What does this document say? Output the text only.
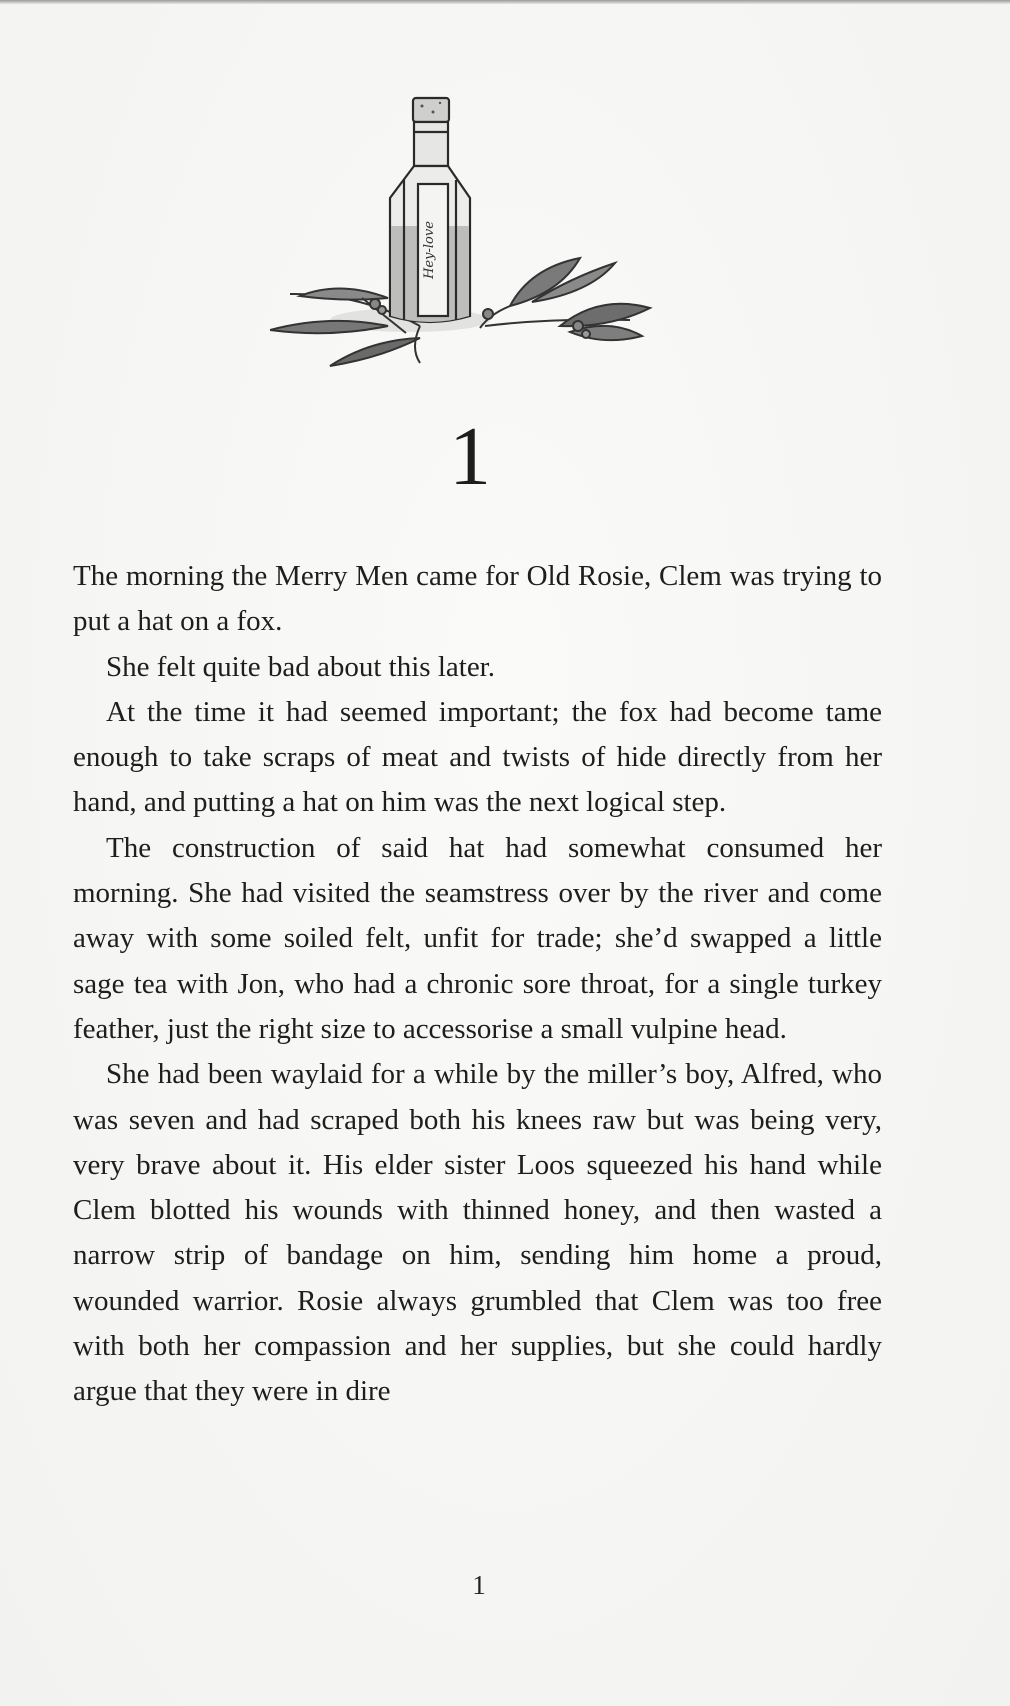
Hey-love
1

The morning the Merry Men came for Old Rosie, Clem was trying to put a hat on a fox.

She felt quite bad about this later.

At the time it had seemed important; the fox had become tame enough to take scraps of meat and twists of hide directly from her hand, and putting a hat on him was the next logical step.

The construction of said hat had somewhat consumed her morning. She had visited the seamstress over by the river and come away with some soiled felt, unfit for trade; she’d swapped a little sage tea with Jon, who had a chronic sore throat, for a single turkey feather, just the right size to accessorise a small vulpine head.

She had been waylaid for a while by the miller’s boy, Alfred, who was seven and had scraped both his knees raw but was being very, very brave about it. His elder sister Loos squeezed his hand while Clem blotted his wounds with thinned honey, and then wasted a narrow strip of bandage on him, sending him home a proud, wounded warrior. Rosie always grumbled that Clem was too free with both her compassion and her supplies, but she could hardly argue that they were in dire

1
